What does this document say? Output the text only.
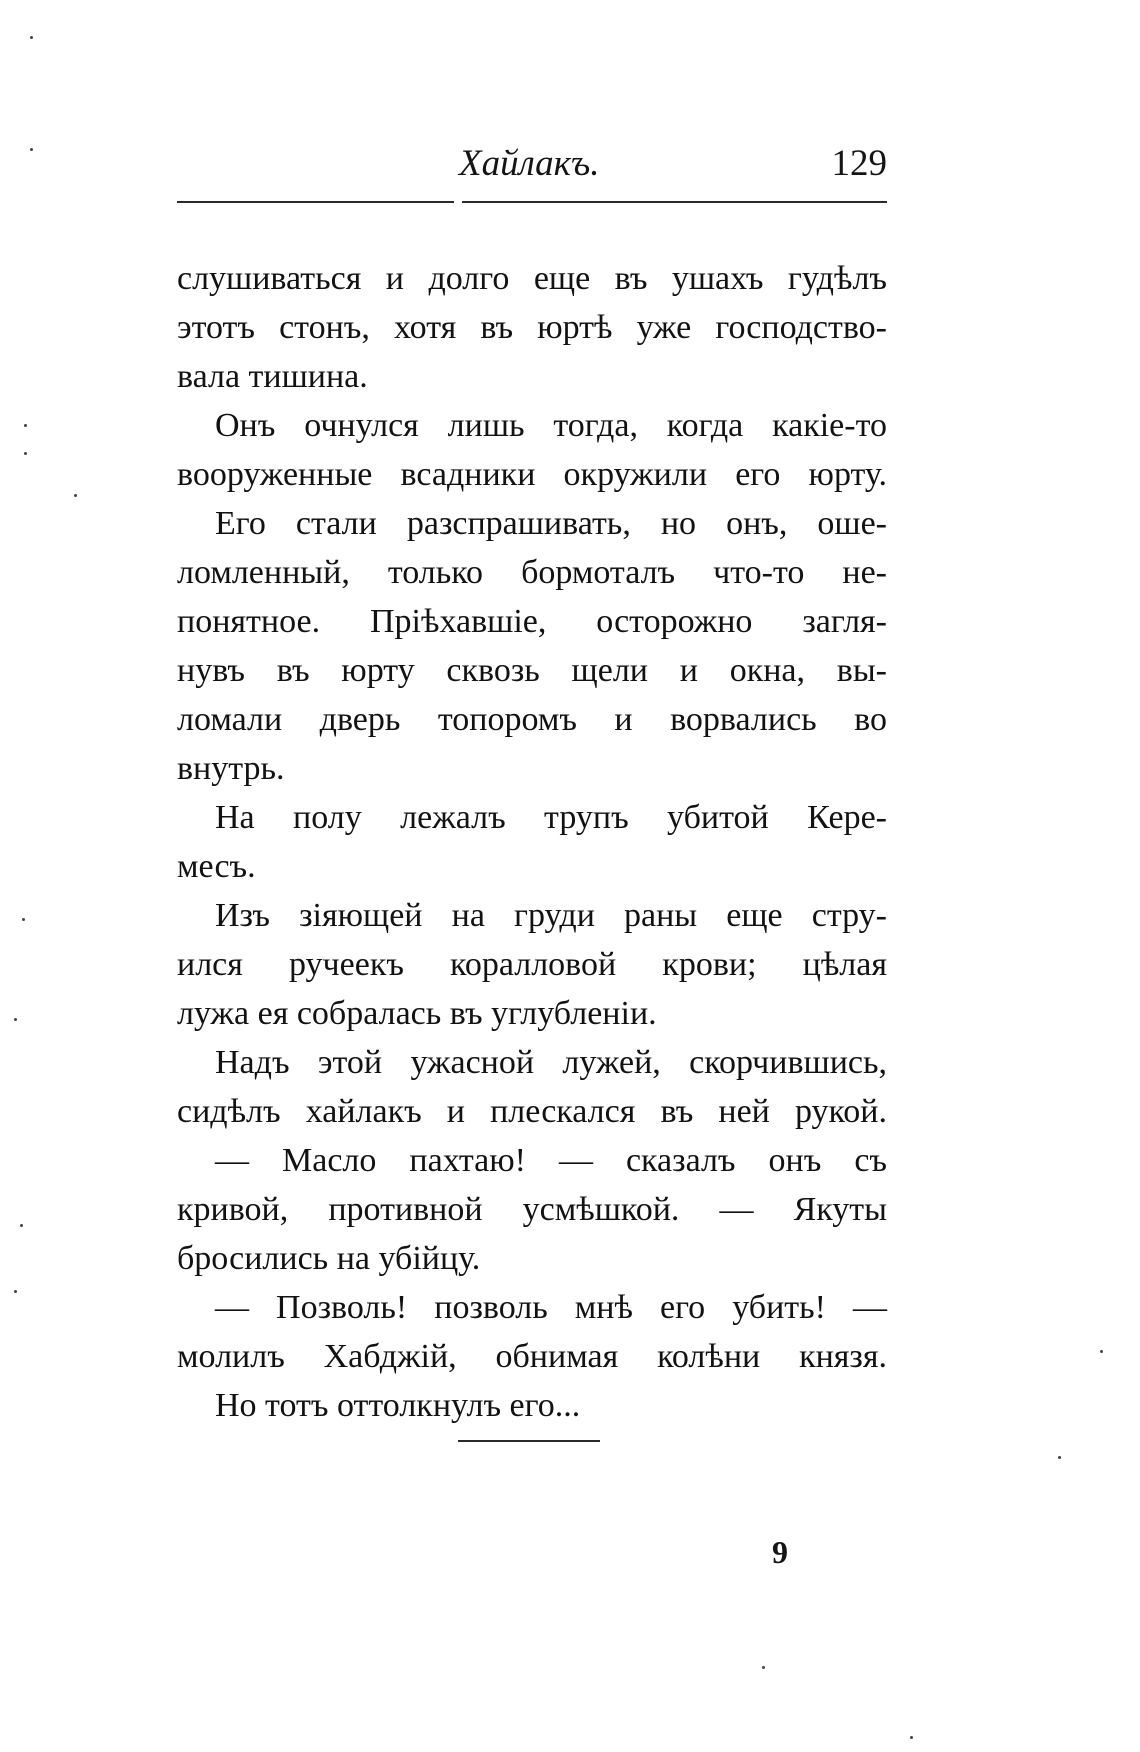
Хайлакъ.	129
слушиваться и долго еще въ ушахъ гудѣлъ
этотъ стонъ, хотя въ юртѣ уже господство-
вала тишина.
Онъ очнулся лишь тогда, когда какіе-то
вооруженные всадники окружили его юрту.
Его стали разспрашивать, но онъ, оше-
ломленный, только бормоталъ что-то не-
понятное. Пріѣхавшіе, осторожно загля-
нувъ въ юрту сквозь щели и окна, вы-
ломали дверь топоромъ и ворвались во
внутрь.
На полу лежалъ трупъ убитой Кере-
месъ.
Изъ зіяющей на груди раны еще стру-
ился ручеекъ коралловой крови; цѣлая
лужа ея собралась въ углубленіи.
Надъ этой ужасной лужей, скорчившись,
сидѣлъ хайлакъ и плескался въ ней рукой.
— Масло пахтаю! — сказалъ онъ съ
кривой, противной усмѣшкой. — Якуты
бросились на убійцу.
— Позволь! позволь мнѣ его убить! —
молилъ Хабджій, обнимая колѣни князя.
Но тотъ оттолкнулъ его...
9
